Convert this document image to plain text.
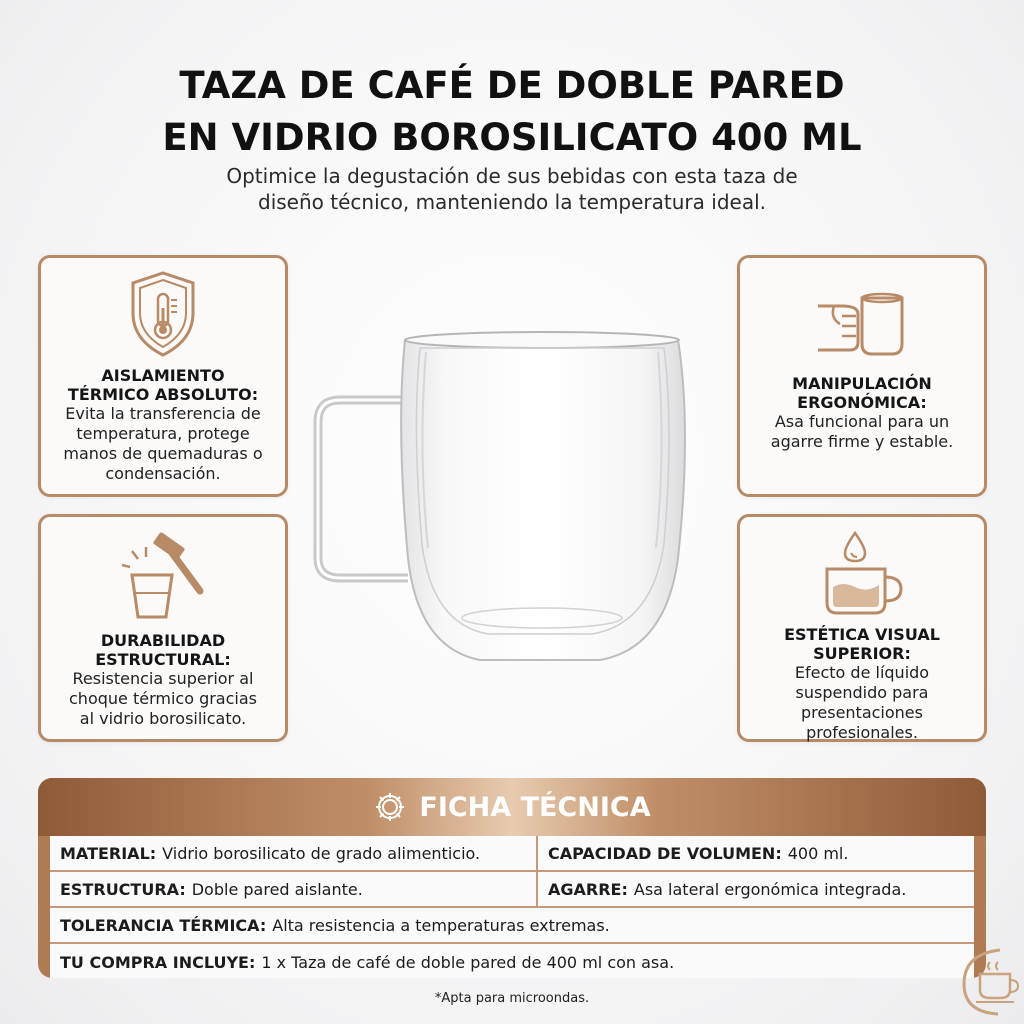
TAZA DE CAFÉ DE DOBLE PARED
EN VIDRIO BOROSILICATO 400 ML
Optimice la degustación de sus bebidas con esta taza de
diseño técnico, manteniendo la temperatura ideal.
AISLAMIENTO
TÉRMICO ABSOLUTO:
Evita la transferencia de
temperatura, protege
manos de quemaduras o
condensación.
DURABILIDAD
ESTRUCTURAL:
Resistencia superior al
choque térmico gracias
al vidrio borosilicato.
MANIPULACIÓN
ERGONÓMICA:
Asa funcional para un
agarre firme y estable.
ESTÉTICA VISUAL
SUPERIOR:
Efecto de líquido
suspendido para
presentaciones
profesionales.
FICHA TÉCNICA
MATERIAL: Vidrio borosilicato de grado alimenticio.	CAPACIDAD DE VOLUMEN: 400 ml.
ESTRUCTURA: Doble pared aislante.	AGARRE: Asa lateral ergonómica integrada.
TOLERANCIA TÉRMICA: Alta resistencia a temperaturas extremas.
TU COMPRA INCLUYE: 1 x Taza de café de doble pared de 400 ml con asa.
*Apta para microondas.
